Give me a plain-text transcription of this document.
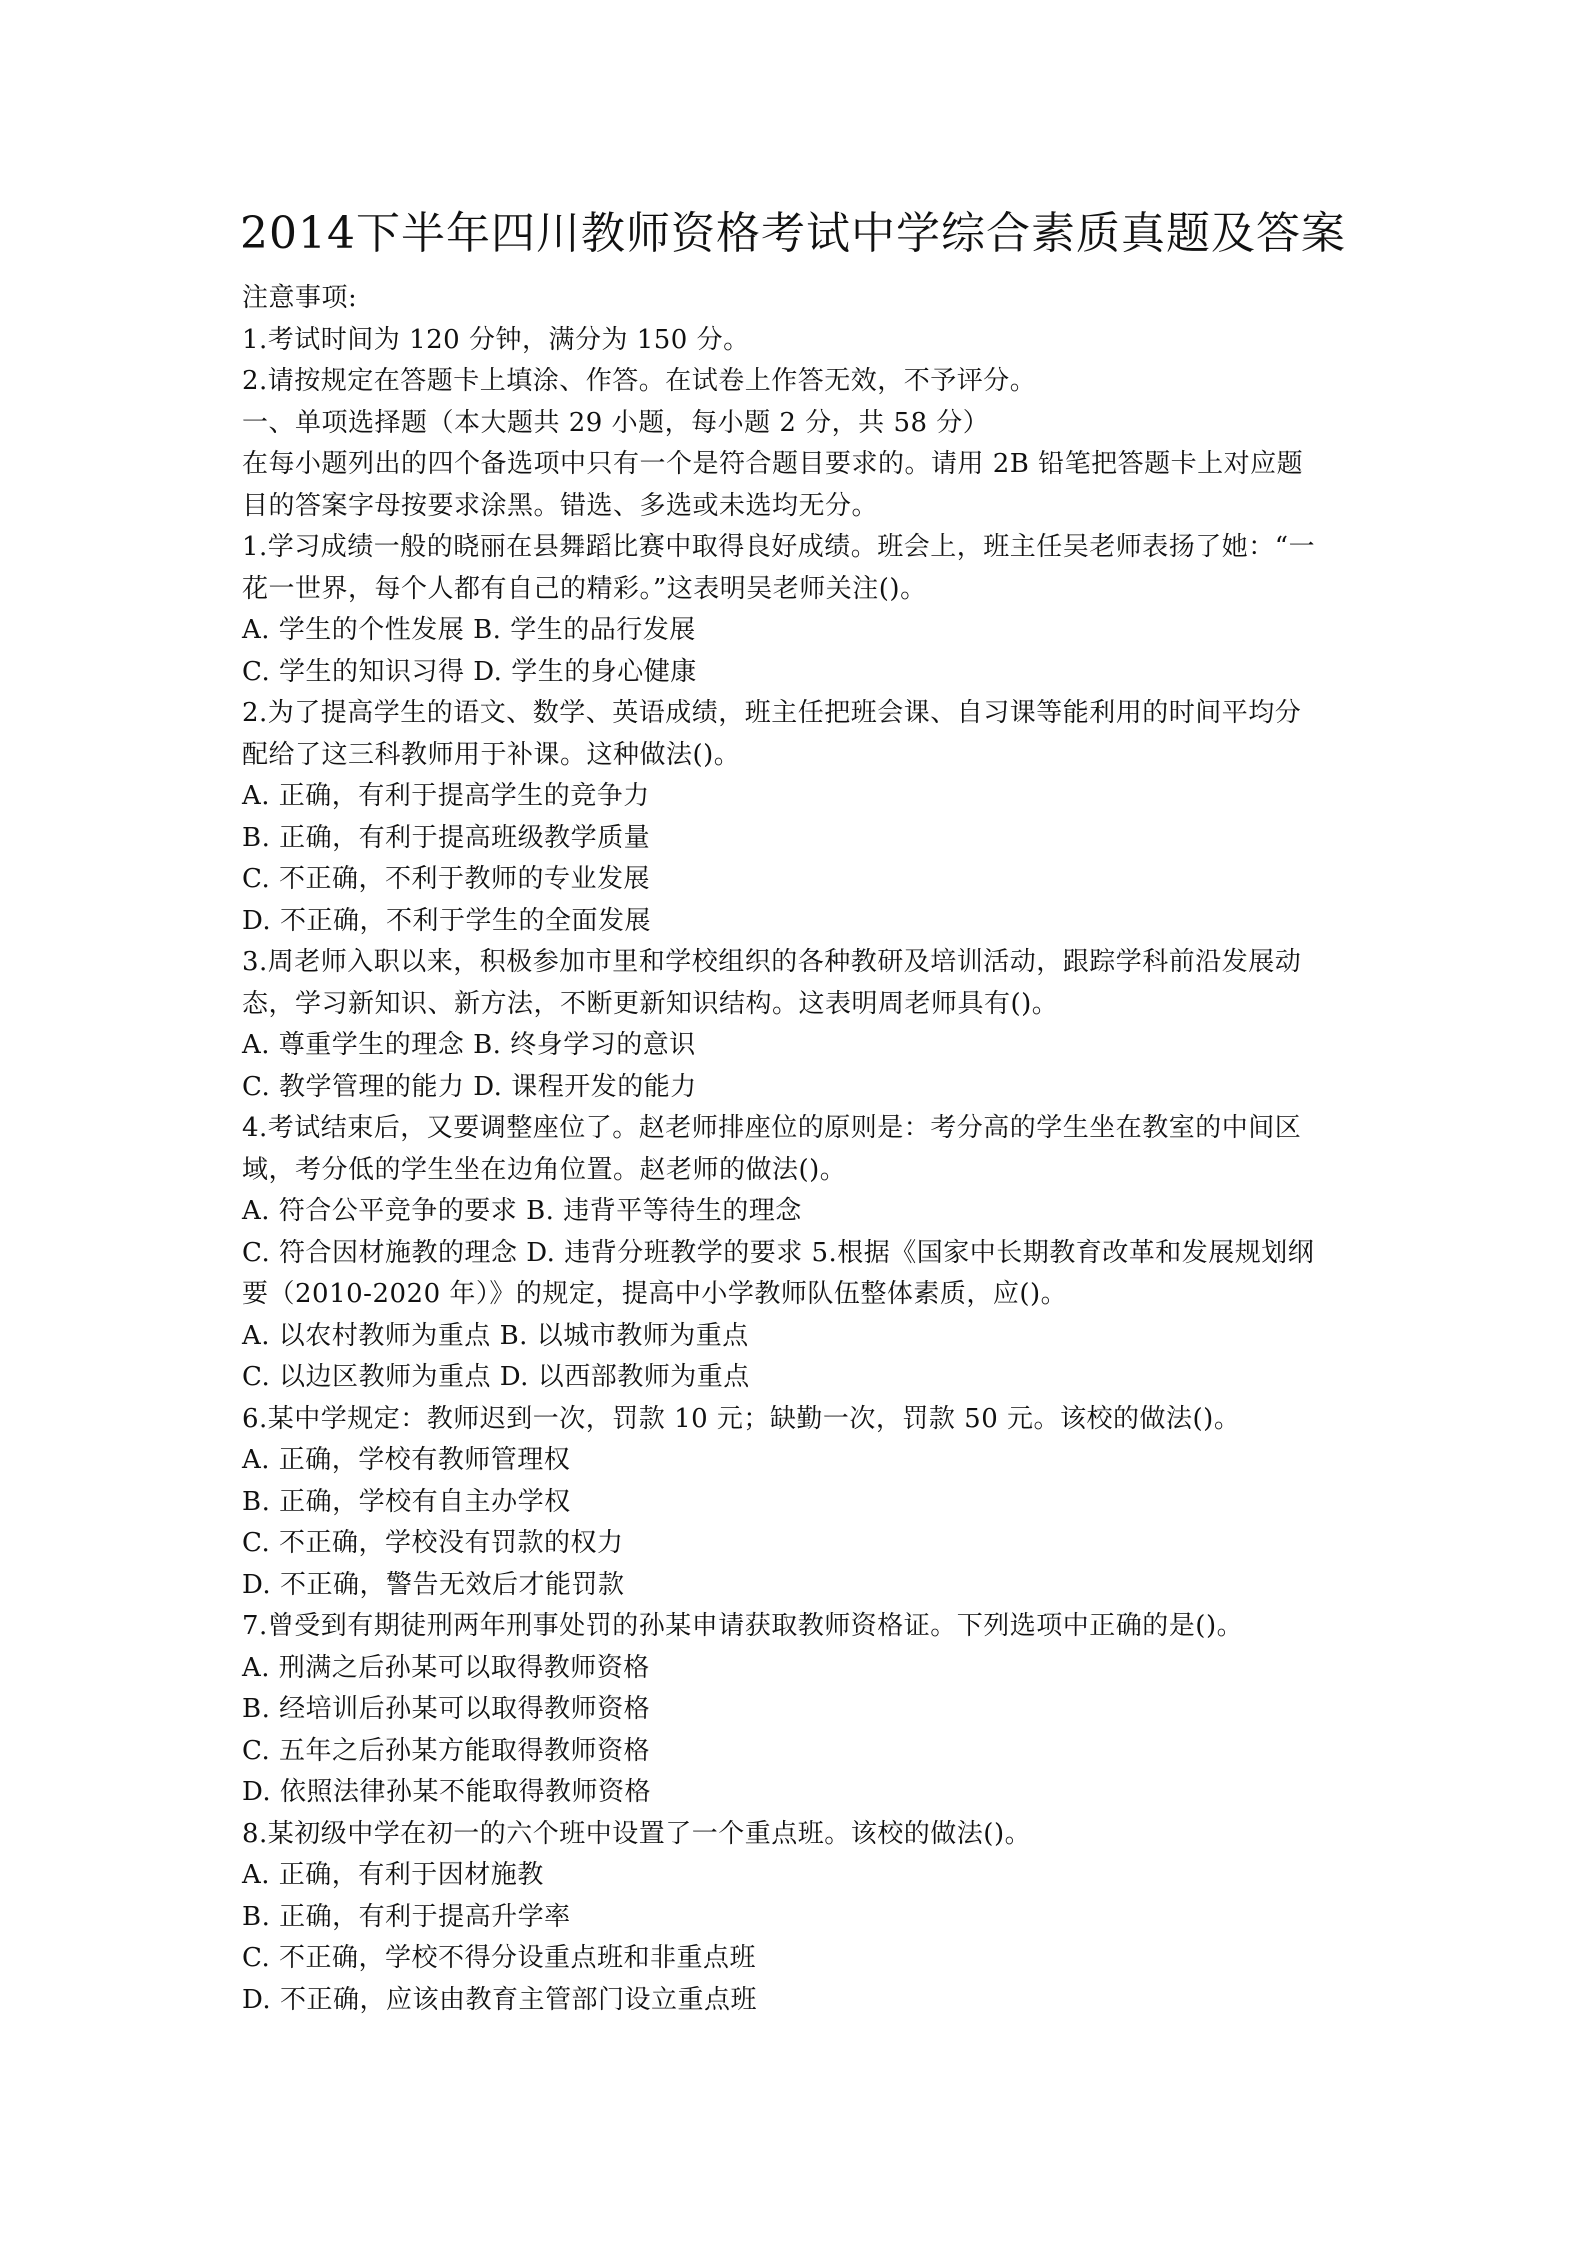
2014下半年四川教师资格考试中学综合素质真题及答案
注意事项:
1.考试时间为 120 分钟，满分为 150 分。
2.请按规定在答题卡上填涂、作答。在试卷上作答无效，不予评分。
一、单项选择题（本大题共 29 小题，每小题 2 分，共 58 分）
在每小题列出的四个备选项中只有一个是符合题目要求的。请用 2B 铅笔把答题卡上对应题
目的答案字母按要求涂黑。错选、多选或未选均无分。
1.学习成绩一般的晓丽在县舞蹈比赛中取得良好成绩。班会上，班主任吴老师表扬了她：“一
花一世界，每个人都有自己的精彩。”这表明吴老师关注()。
A. 学生的个性发展 B. 学生的品行发展
C. 学生的知识习得 D. 学生的身心健康
2.为了提高学生的语文、数学、英语成绩，班主任把班会课、自习课等能利用的时间平均分
配给了这三科教师用于补课。这种做法()。
A. 正确，有利于提高学生的竞争力
B. 正确，有利于提高班级教学质量
C. 不正确，不利于教师的专业发展
D. 不正确，不利于学生的全面发展
3.周老师入职以来，积极参加市里和学校组织的各种教研及培训活动，跟踪学科前沿发展动
态，学习新知识、新方法，不断更新知识结构。这表明周老师具有()。
A. 尊重学生的理念 B. 终身学习的意识
C. 教学管理的能力 D. 课程开发的能力
4.考试结束后，又要调整座位了。赵老师排座位的原则是：考分高的学生坐在教室的中间区
域，考分低的学生坐在边角位置。赵老师的做法()。
A. 符合公平竞争的要求 B. 违背平等待生的理念
C. 符合因材施教的理念 D. 违背分班教学的要求 5.根据《国家中长期教育改革和发展规划纲
要（2010-2020 年）》的规定，提高中小学教师队伍整体素质，应()。
A. 以农村教师为重点 B. 以城市教师为重点
C. 以边区教师为重点 D. 以西部教师为重点
6.某中学规定：教师迟到一次，罚款 10 元；缺勤一次，罚款 50 元。该校的做法()。
A. 正确，学校有教师管理权
B. 正确，学校有自主办学权
C. 不正确，学校没有罚款的权力
D. 不正确，警告无效后才能罚款
7.曾受到有期徒刑两年刑事处罚的孙某申请获取教师资格证。下列选项中正确的是()。
A. 刑满之后孙某可以取得教师资格
B. 经培训后孙某可以取得教师资格
C. 五年之后孙某方能取得教师资格
D. 依照法律孙某不能取得教师资格
8.某初级中学在初一的六个班中设置了一个重点班。该校的做法()。
A. 正确，有利于因材施教
B. 正确，有利于提高升学率
C. 不正确，学校不得分设重点班和非重点班
D. 不正确，应该由教育主管部门设立重点班
